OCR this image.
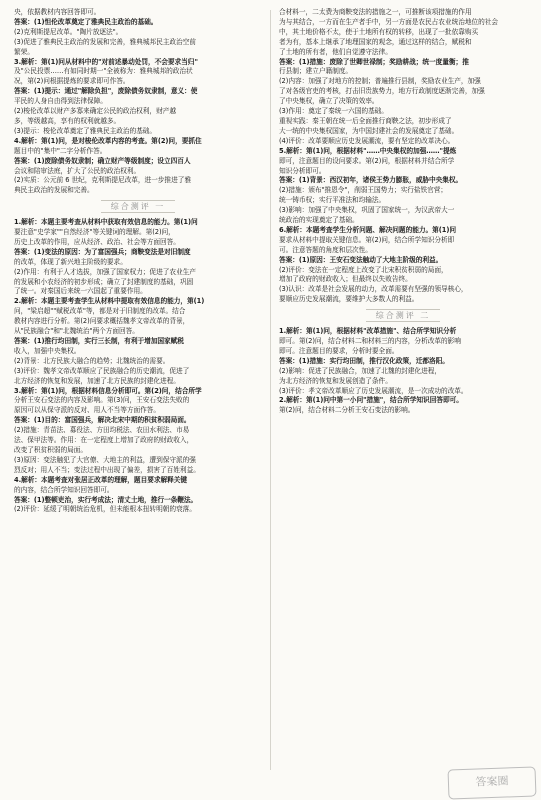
央，依据教材内容回答即可。

答案：(1)怛伦改革奠定了雅典民主政治的基础。

(2)克利斯提尼改革。"陶片放逐法"。

(3)促进了雅典民主政治的发展和完善，雅典城邦民主政治空前

繁荣。

3.解析：第(1)问从材料中的"对前述暴动处罚，不会要求当归"

及"公民投票……有如同时期一"全被称为：雅典城邦的政治状

况，第(2)问根据提炼的要求即可作答。

答案：(1)提示：通过"解除负担"，废除债务奴隶制，意义：使

平民的人身自由得到法律保障。

(2)梭伦改革以财产多寡来确定公民的政治权利，财产越

多，等级越高，享有的权利就越多。

(3)提示：梭伦改革奠定了雅典民主政治的基础。

4.解析：第(1)问，是对梭伦改革内容的考查。第(2)问，要抓住

题目中的"集中"二字分析作答。

答案：(1)废除债务奴隶制；确立财产等级制度；设立四百人

会议和陪审法庭，扩大了公民的政治权利。

(2)实质：公元前 6 世纪，克利斯提尼改革，进一步推进了雅

典民主政治的发展和完善。

综合测评 一

1.解析：本题主要考查从材料中获取有效信息的能力。第(1)问

要注意"史学家""自然经济"等关键词的理解。第(2)问，

历史上改革的作用，应从经济、政治、社会等方面回答。

答案：(1)变法的原因：为了富国强兵；商鞅变法是对旧制度

的改革，体现了新兴地主阶级的要求。

(2)作用：有利于人才选拔，加强了国家权力；促进了农业生产

的发展和小农经济的初步形成；确立了封建制度的基础，巩固

了统一。对秦国后来统一六国起了重要作用。

2.解析：本题主要考查学生从材料中提取有效信息的能力，第(1)

问，"梁启超""赋税改革"等，都是对于旧制度的改革。结合

教材内容进行分析。第(2)问要求概括魏孝文帝改革的背景，

从"民族融合"和"北魏统治"两个方面回答。

答案：(1)推行均田制，实行三长制，有利于增加国家赋税

收入，加强中央集权。

(2)背景：北方民族大融合的趋势；北魏统治的需要。

(3)评价：魏孝文帝改革顺应了民族融合的历史潮流，促进了

北方经济的恢复和发展，加速了北方民族的封建化进程。

3.解析：第(1)问，根据材料信息分析即可。第(2)问，结合所学

分析王安石变法的内容及影响。第(3)问，王安石变法失败的

原因可以从保守派的反对、用人不当等方面作答。

答案：(1)目的：富国强兵，解决北宋中期的积贫积弱局面。

(2)措施：青苗法、募役法、方田均税法、农田水利法、市易

法、保甲法等。作用：在一定程度上增加了政府的财政收入，

改变了积贫积弱的局面。

(3)原因：变法触犯了大官僚、大地主的利益，遭到保守派的强

烈反对；用人不当；变法过程中出现了偏差，损害了百姓利益。

4.解析：本题考查对张居正改革的理解，题目要求解释关键

的内容，结合所学知识回答即可。

答案：(1)整顿吏治，实行考成法；清丈土地，推行一条鞭法。

(2)评价：延缓了明朝统治危机，但未能根本扭转明朝的衰落。

合材料一，二太费为商鞅变法的措施之一，可推断该项措施的作用

为与其结合，一方而在生产者手中，另一方面是农民占农业统治地位的社会

中，其土地价格不太，使于土地所有权的转移，出现了一批依靠购买

者为有，基本上继承了地理国家的观念，通过这样的结合，赋税和

了土地的所有者，他们自觉遵守法律。

答案：(1)措施：废除了世卿世禄制；奖励耕战；统一度量衡；推

行县制；建立户籍制度。

(2)内容：加强了对地方的控制；普遍推行县制，奖励农业生产，加强

了对各级官吏的考核，打击旧贵族势力，地方行政制度逐渐完善，加强

了中央集权，确立了决策的效率。

(3)作用：奠定了秦统一六国的基础。

重视实践：秦王朝在统一后全面推行商鞅之法，初步形成了

大一统的中央集权国家，为中国封建社会的发展奠定了基础。

(4)评价：改革要顺应历史发展潮流，要有坚定的改革决心。

5.解析：第(1)问，根据材料"……中央集权的加强……"提炼

即可，注意题目的设问要求。第(2)问，根据材料并结合所学

知识分析即可。

答案：(1)背景：西汉初年，诸侯王势力膨胀，威胁中央集权。

(2)措施：颁布"推恩令"，削弱王国势力；实行盐铁官营；

统一铸币权；实行平准法和均输法。

(3)影响：加强了中央集权，巩固了国家统一，为汉武帝大一

统政治的实现奠定了基础。

6.解析：本题考查学生分析问题、解决问题的能力。第(1)问

要求从材料中提取关键信息。第(2)问，结合所学知识分析即

可。注意答题的角度和层次性。

答案：(1)原因：王安石变法触动了大地主阶级的利益。

(2)评价：变法在一定程度上改变了北宋积贫积弱的局面，

增加了政府的财政收入；但最终以失败告终。

(3)认识：改革是社会发展的动力，改革需要有坚强的领导核心，

要顺应历史发展潮流，要维护大多数人的利益。

综合测评 二

1.解析：第(1)问，根据材料"改革措施"、结合所学知识分析

即可。第(2)问，结合材料二和材料三的内容，分析改革的影响

即可。注意题目的要求，分析时要全面。

答案：(1)措施：实行均田制，推行汉化政策，迁都洛阳。

(2)影响：促进了民族融合，加速了北魏的封建化进程，

为北方经济的恢复和发展创造了条件。

(3)评价：孝文帝改革顺应了历史发展潮流，是一次成功的改革。

2.解析：第(1)问中第一小问"措施"，结合所学知识回答即可。

第(2)问，结合材料二分析王安石变法的影响。

答案圈
